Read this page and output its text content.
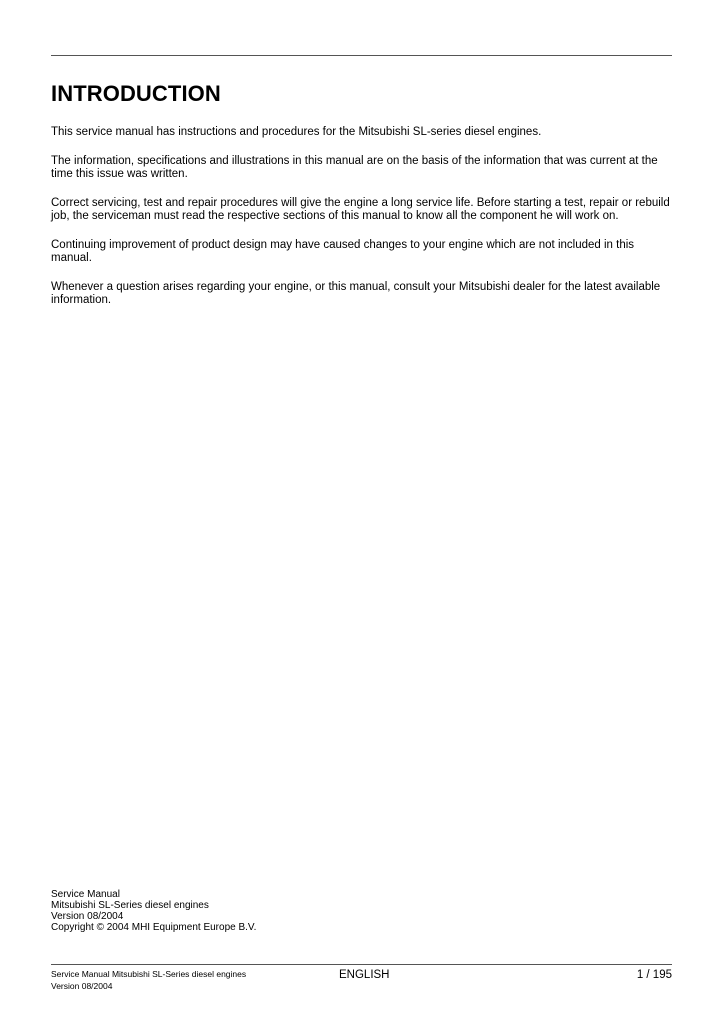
INTRODUCTION

This service manual has instructions and procedures for the Mitsubishi SL-series diesel engines.

The information, specifications and illustrations in this manual are on the basis of the information that was current at the time this issue was written.

Correct servicing, test and repair procedures will give the engine a long service life. Before starting a test, repair or rebuild job, the serviceman must read the respective sections of this manual to know all the component he will work on.

Continuing improvement of product design may have caused changes to your engine which are not included in this manual.

Whenever a question arises regarding your engine, or this manual, consult your Mitsubishi dealer for the latest available information.

Service Manual
Mitsubishi SL-Series diesel engines
Version 08/2004
Copyright © 2004 MHI Equipment Europe B.V.
Service Manual Mitsubishi SL-Series diesel engines
Version 08/2004
ENGLISH	1 / 195
